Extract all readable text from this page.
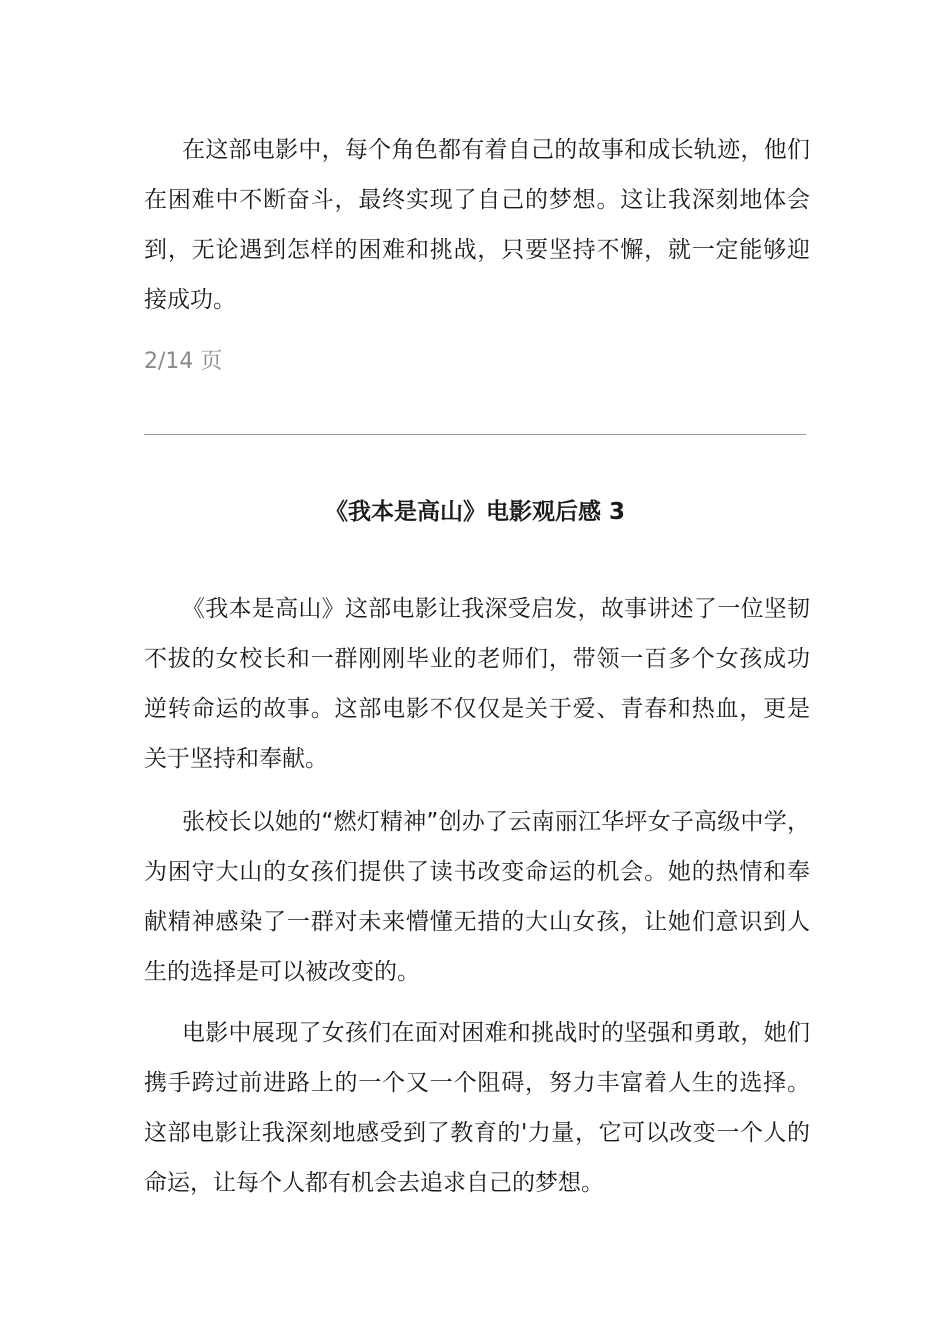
在这部电影中，每个角色都有着自己的故事和成长轨迹，他们在困难中不断奋斗，最终实现了自己的梦想。这让我深刻地体会到，无论遇到怎样的困难和挑战，只要坚持不懈，就一定能够迎接成功。

2/14 页
《我本是高山》电影观后感 3

《我本是高山》这部电影让我深受启发，故事讲述了一位坚韧不拔的女校长和一群刚刚毕业的老师们，带领一百多个女孩成功逆转命运的故事。这部电影不仅仅是关于爱、青春和热血，更是关于坚持和奉献。

张校长以她的“燃灯精神”创办了云南丽江华坪女子高级中学，为困守大山的女孩们提供了读书改变命运的机会。她的热情和奉献精神感染了一群对未来懵懂无措的大山女孩，让她们意识到人生的选择是可以被改变的。

电影中展现了女孩们在面对困难和挑战时的坚强和勇敢，她们携手跨过前进路上的一个又一个阻碍，努力丰富着人生的选择。这部电影让我深刻地感受到了教育的'力量，它可以改变一个人的命运，让每个人都有机会去追求自己的梦想。
